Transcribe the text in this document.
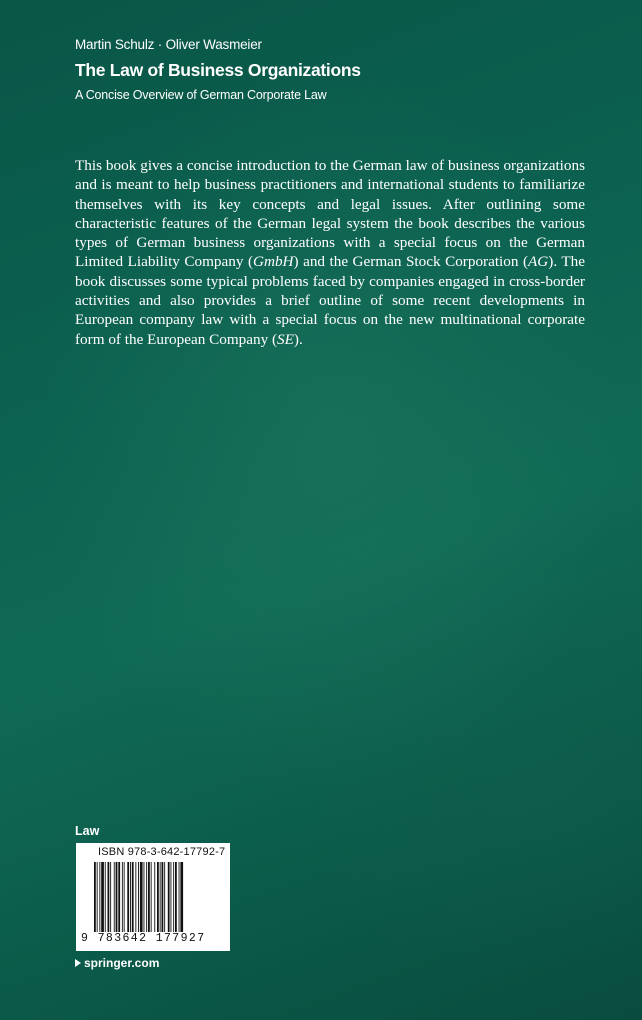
Martin Schulz · Oliver Wasmeier
The Law of Business Organizations
A Concise Overview of German Corporate Law

This book gives a concise introduction to the German law of business organizations and is meant to help business practitioners and international students to familiarize themselves with its key concepts and legal issues. After outlining some characteristic features of the German legal system the book describes the various types of German business organizations with a special focus on the German Limited Liability Company (GmbH) and the German Stock Corporation (AG). The book discusses some typical problems faced by companies engaged in cross-border activities and also provides a brief outline of some recent developments in European company law with a special focus on the new multinational corporate form of the European Company (SE).

Law
ISBN 978-3-642-17792-7
9 783642 177927
springer.com
